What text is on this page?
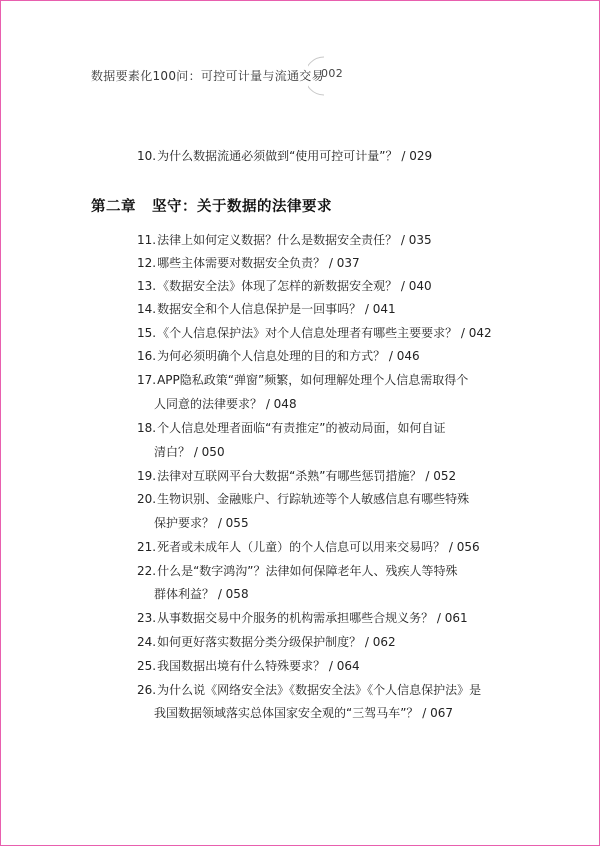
数据要素化100问：可控可计量与流通交易
002
10.为什么数据流通必须做到“使用可控可计量”？ / 029
第二章 坚守：关于数据的法律要求
11.法律上如何定义数据？什么是数据安全责任？ / 035
12.哪些主体需要对数据安全负责？ / 037
13.《数据安全法》体现了怎样的新数据安全观？ / 040
14.数据安全和个人信息保护是一回事吗？ / 041
15.《个人信息保护法》对个人信息处理者有哪些主要要求？ / 042
16.为何必须明确个人信息处理的目的和方式？ / 046
17.APP隐私政策“弹窗”频繁，如何理解处理个人信息需取得个
人同意的法律要求？ / 048
18.个人信息处理者面临“有责推定”的被动局面，如何自证
清白？ / 050
19.法律对互联网平台大数据“杀熟”有哪些惩罚措施？ / 052
20.生物识别、金融账户、行踪轨迹等个人敏感信息有哪些特殊
保护要求？ / 055
21.死者或未成年人（儿童）的个人信息可以用来交易吗？ / 056
22.什么是“数字鸿沟”？法律如何保障老年人、残疾人等特殊
群体利益？ / 058
23.从事数据交易中介服务的机构需承担哪些合规义务？ / 061
24.如何更好落实数据分类分级保护制度？ / 062
25.我国数据出境有什么特殊要求？ / 064
26.为什么说《网络安全法》《数据安全法》《个人信息保护法》是
我国数据领域落实总体国家安全观的“三驾马车”？ / 067
